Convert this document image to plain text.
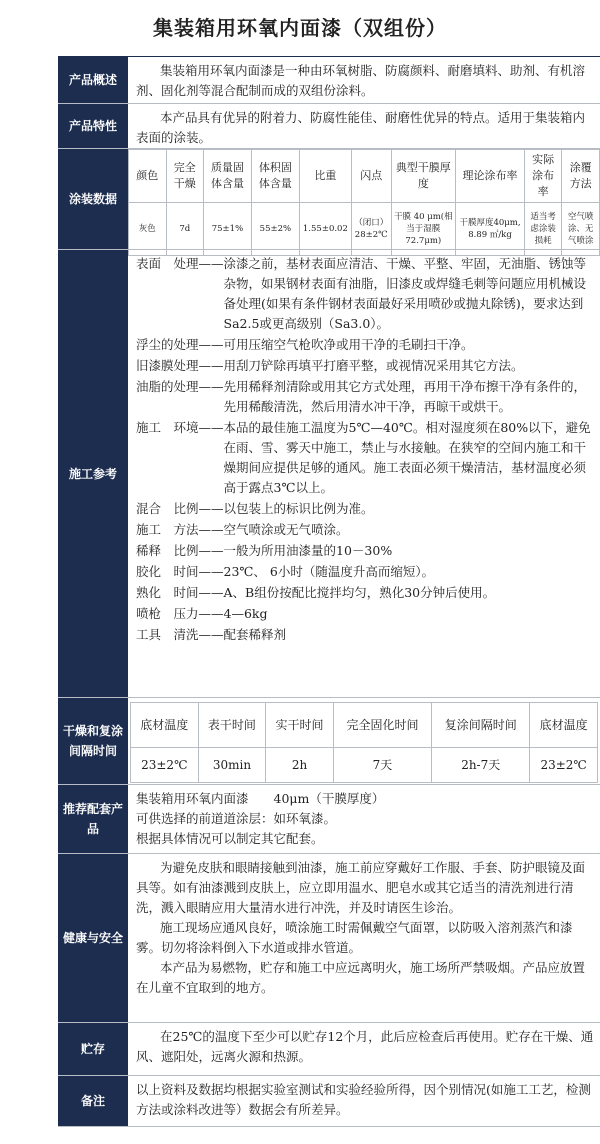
集装箱用环氧内面漆（双组份）
产品概述

集装箱用环氧内面漆是一种由环氧树脂、防腐颜料、耐磨填料、助剂、有机溶剂、固化剂等混合配制而成的双组份涂料。

产品特性

本产品具有优异的附着力、防腐性能佳、耐磨性优异的特点。适用于集装箱内表面的涂装。

涂装数据
颜色	完全干燥	质量固体含量	体积固体含量	比重	闪点	典型干膜厚度	理论涂布率	实际涂布率	涂覆方法
灰色	7d	75±1%	55±2%	1.55±0.02	（闭口）28±2℃	干膜 40 μm(相当于湿膜72.7μm)	干膜厚度40μm, 8.89 ㎡/kg	适当考虑涂装损耗	空气喷涂、无气喷涂
施工参考
表面　处理—— 涂漆之前，基材表面应清洁、干燥、平整、牢固，无油脂、锈蚀等杂物，如果钢材表面有油脂，旧漆皮或焊缝毛刺等问题应用机械设备处理(如果有条件钢材表面最好采用喷砂或抛丸除锈)，要求达到Sa2.5或更高级别（Sa3.0）。
浮尘的处理—— 可用压缩空气枪吹净或用干净的毛刷扫干净。
旧漆膜处理—— 用刮刀铲除再填平打磨平整，或视情况采用其它方法。
油脂的处理—— 先用稀释剂清除或用其它方式处理，再用干净布擦干净有条件的，先用稀酸清洗，然后用清水冲干净，再晾干或烘干。
施工　环境—— 本品的最佳施工温度为5℃—40℃。相对湿度须在80%以下，避免在雨、雪、雾天中施工，禁止与水接触。在狭窄的空间内施工和干燥期间应提供足够的通风。施工表面必须干燥清洁，基材温度必须高于露点3℃以上。
混合　比例—— 以包装上的标识比例为准。
施工　方法—— 空气喷涂或无气喷涂。
稀释　比例—— 一般为所用油漆量的10－30%
胶化　时间—— 23℃、 6小时（随温度升高而缩短）。
熟化　时间—— A、B组份按配比搅拌均匀，熟化30分钟后使用。
喷枪　压力—— 4—6kg
工具　清洗—— 配套稀释剂
干燥和复涂间隔时间
底材温度	表干时间	实干时间	完全固化时间	复涂间隔时间	底材温度
23±2℃	30min	2h	7天	2h-7天	23±2℃
推荐配套产品

集装箱用环氧内面漆　　40μm（干膜厚度）

可供选择的前道道涂层：如环氧漆。

根据具体情况可以制定其它配套。

健康与安全

为避免皮肤和眼睛接触到油漆，施工前应穿戴好工作服、手套、防护眼镜及面具等。如有油漆溅到皮肤上，应立即用温水、肥皂水或其它适当的清洗剂进行清洗，溅入眼睛应用大量清水进行冲洗，并及时请医生诊治。

施工现场应通风良好，喷涂施工时需佩戴空气面罩，以防吸入溶剂蒸汽和漆雾。切勿将涂料倒入下水道或排水管道。

本产品为易燃物，贮存和施工中应远离明火，施工场所严禁吸烟。产品应放置在儿童不宜取到的地方。

贮存

在25℃的温度下至少可以贮存12个月，此后应检查后再使用。贮存在干燥、通风、遮阳处，远离火源和热源。

备注

以上资料及数据均根据实验室测试和实验经验所得，因个别情况(如施工工艺，检测方法或涂料改进等）数据会有所差异。
